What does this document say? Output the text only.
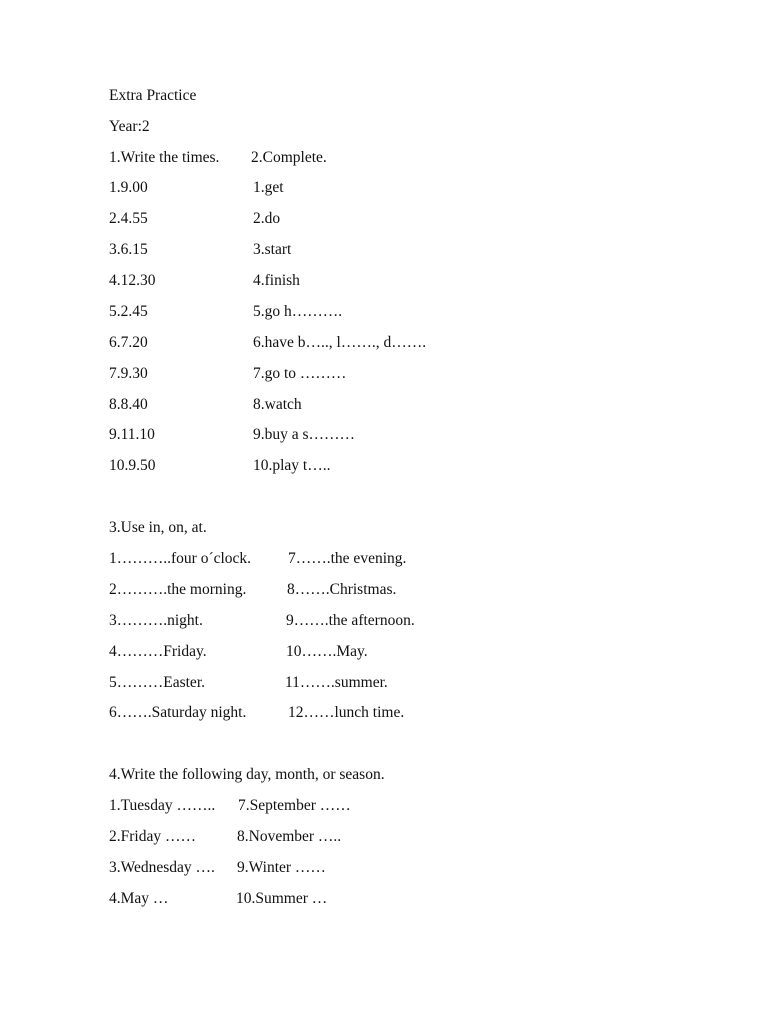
Extra Practice
Year:2
1.Write the times. 2.Complete.
1.9.00	1.get
2.4.55	2.do
3.6.15	3.start
4.12.30	4.finish
5.2.45	5.go h……….
6.7.20	6.have b….., l……., d…….
7.9.30	7.go to ………
8.8.40	8.watch
9.11.10	9.buy a s………
10.9.50	10.play t…..
3.Use in, on, at.
1………..four o´clock. 7…….the evening.
2……….the morning.	8…….Christmas.
3……….night.	9…….the afternoon.
4………Friday.	10…….May.
5………Easter.	11…….summer.
6…….Saturday night.	12……lunch time.
4.Write the following day, month, or season.
1.Tuesday …….. 7.September ……
2.Friday ……	8.November …..
3.Wednesday …. 9.Winter ……
4.May …	10.Summer …
